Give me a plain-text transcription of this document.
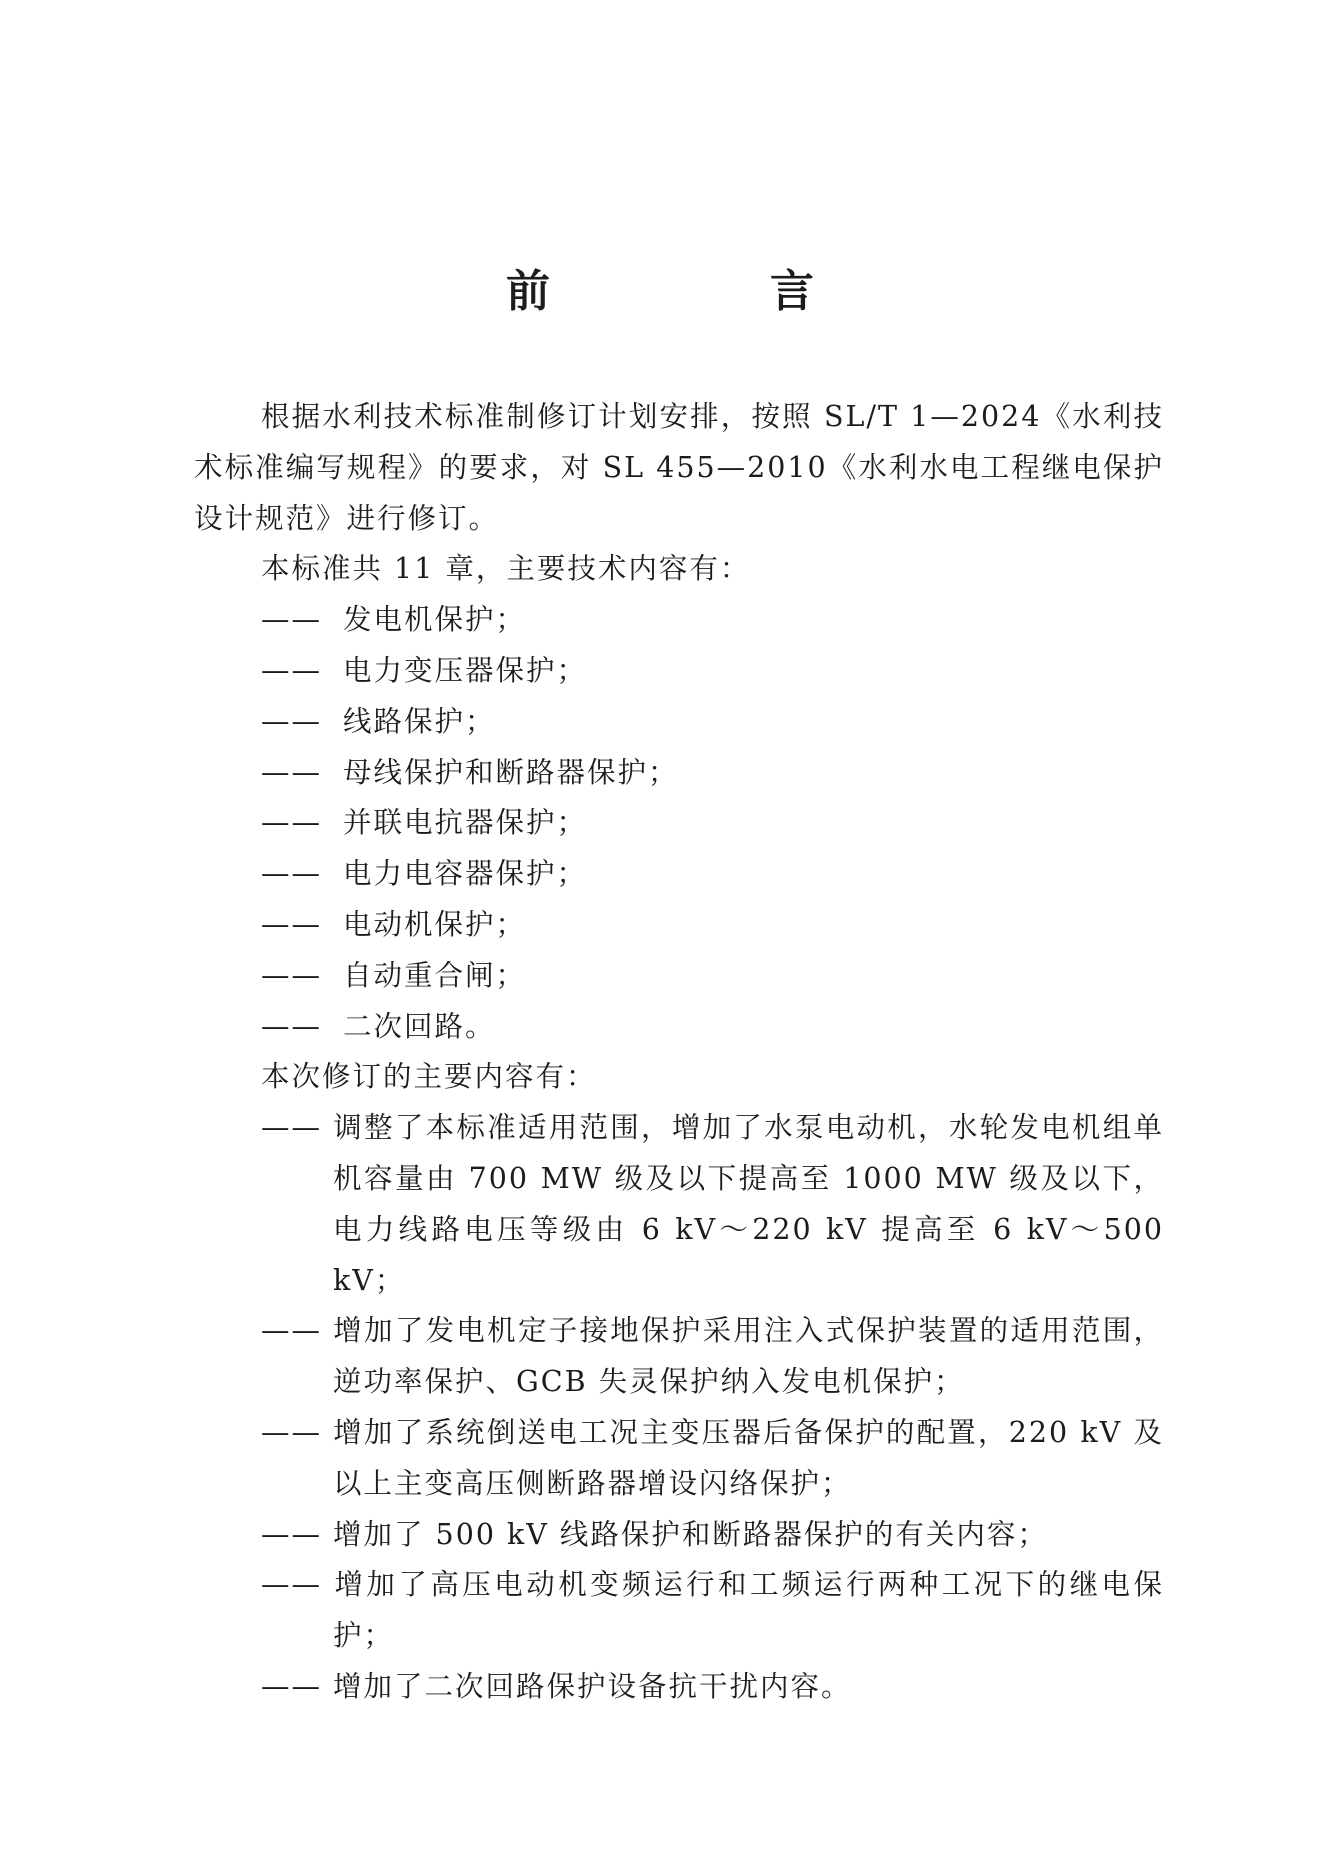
前　言

根据水利技术标准制修订计划安排，按照 SL/T 1—2024《水利技术标准编写规程》的要求，对 SL 455—2010《水利水电工程继电保护设计规范》进行修订。

本标准共 11 章，主要技术内容有：

—— 发电机保护；
—— 电力变压器保护；
—— 线路保护；
—— 母线保护和断路器保护；
—— 并联电抗器保护；
—— 电力电容器保护；
—— 电动机保护；
—— 自动重合闸；
—— 二次回路。

本次修订的主要内容有：

—— 调整了本标准适用范围，增加了水泵电动机，水轮发电机组单机容量由 700 MW 级及以下提高至 1000 MW 级及以下，电力线路电压等级由 6 kV～220 kV 提高至 6 kV～500 kV；
—— 增加了发电机定子接地保护采用注入式保护装置的适用范围，逆功率保护、GCB 失灵保护纳入发电机保护；
—— 增加了系统倒送电工况主变压器后备保护的配置，220 kV 及以上主变高压侧断路器增设闪络保护；
—— 增加了 500 kV 线路保护和断路器保护的有关内容；
—— 增加了高压电动机变频运行和工频运行两种工况下的继电保护；
—— 增加了二次回路保护设备抗干扰内容。
